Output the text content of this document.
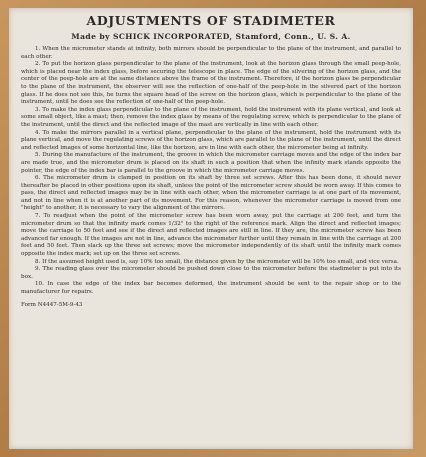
ADJUSTMENTS OF STADIMETER
Made by SCHICK INCORPORATED, Stamford, Conn., U. S. A.

1. When the micrometer stands at infinity, both mirrors should be perpendicular to the plane of the instrument, and parallel to each other.

2. To put the horizon glass perpendicular to the plane of the instrument, look at the horizon glass through the small peep-hole, which is placed near the index glass, before securing the telescope in place. The edge of the silvering of the horizon glass, and the center of the peep-hole are at the same distance above the frame of the instrument. Therefore, if the horizon glass be perpendicular to the plane of the instrument, the observer will see the reflection of one-half of the peep-hole in the silvered part of the horizon glass. If he does not see this, he turns the square head of the screw on the horizon glass, which is perpendicular to the plane of the instrument, until he does see the reflection of one-half of the peep-hole.

3. To make the index glass perpendicular to the plane of the instrument, hold the instrument with its plane vertical, and look at some small object, like a mast; then, remove the index glass by means of the regulating screw, which is perpendicular to the plane of the instrument, until the direct and the reflected image of the mast are vertically in line with each other.

4. To make the mirrors parallel in a vertical plane, perpendicular to the plane of the instrument, hold the instrument with its plane vertical, and move the regulating screws of the horizon glass, which are parallel to the plane of the instrument, until the direct and reflected images of some horizontal line, like the horizon, are in line with each other, the micrometer being at infinity.

5. During the manufacture of the instrument, the groove in which the micrometer carriage moves and the edge of the index bar are made true, and the micrometer drum is placed on its shaft in such a position that when the infinity mark stands opposite the pointer, the edge of the index bar is parallel to the groove in which the micrometer carriage moves.

6. The micrometer drum is clamped in position on its shaft by three set screws. After this has been done, it should never thereafter be placed in other positions upon its shaft, unless the point of the micrometer screw should be worn away. If this comes to pass, the direct and reflected images may be in line with each other, when the micrometer carriage is at one part of its movement, and not in line when it is at another part of its movement. For this reason, whenever the micrometer carriage is moved from one "height" to another, it is necessary to vary the alignment of the mirrors.

7. To readjust when the point of the micrometer screw has been worn away, put the carriage at 200 feet, and turn the micrometer drum so that the infinity mark comes 1/32" to the right of the reference mark. Align the direct and reflected images; move the carriage to 50 feet and see if the direct and reflected images are still in line. If they are, the micrometer screw has been advanced far enough. If the images are not in line, advance the micrometer further until they remain in line with the carriage at 200 feet and 50 feet. Then slack up the three set screws; move the micrometer independently of its shaft until the infinity mark comes opposite the index mark; set up on the three set screws.

8. If the assumed height used is, say 10% too small, the distance given by the micrometer will be 10% too small, and vice versa.

9. The reading glass over the micrometer should be pushed down close to the micrometer before the stadimeter is put into its box.

10. In case the edge of the index bar becomes deformed, the instrument should be sent to the repair shop or to the manufacturer for repairs.

Form N4447-5M-9-43
